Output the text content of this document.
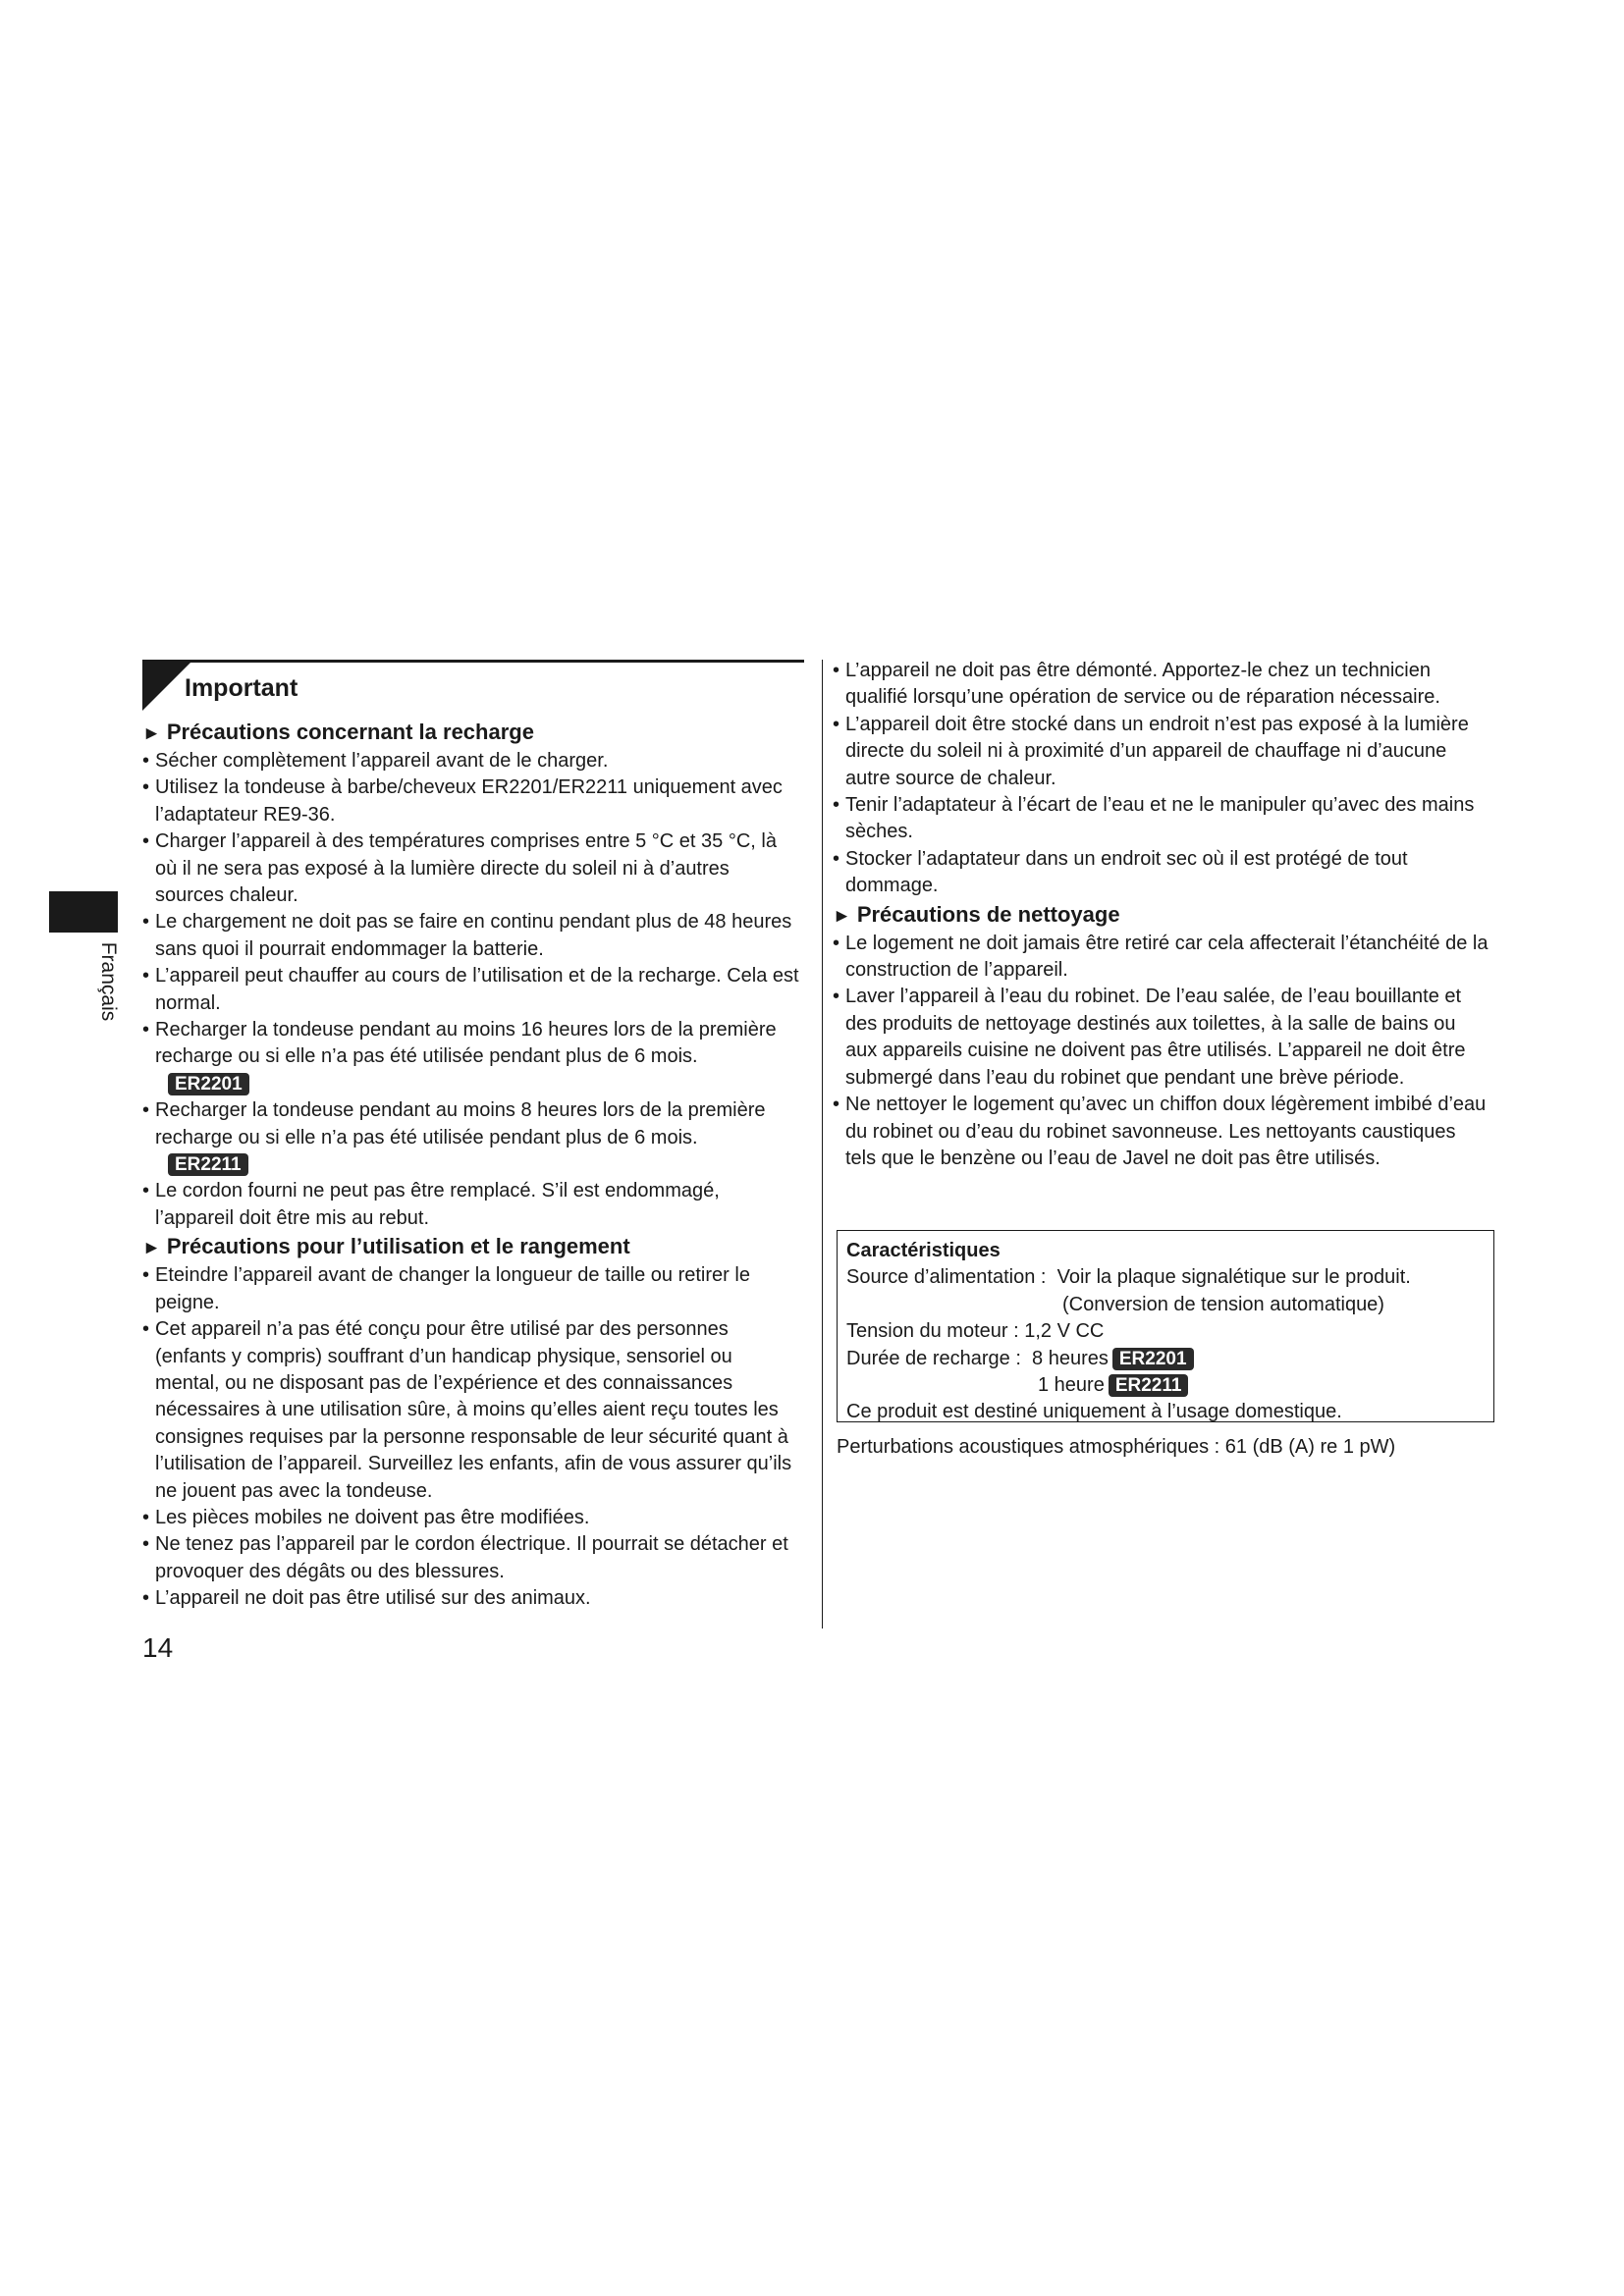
Français
Important
► Précautions concernant la recharge
• Sécher complètement l’appareil avant de le charger.
• Utilisez la tondeuse à barbe/cheveux ER2201/ER2211 uniquement avec l’adaptateur RE9-36.
• Charger l’appareil à des températures comprises entre 5 °C et 35 °C, là où il ne sera pas exposé à la lumière directe du soleil ni à d’autres sources chaleur.
• Le chargement ne doit pas se faire en continu pendant plus de 48 heures sans quoi il pourrait endommager la batterie.
• L’appareil peut chauffer au cours de l’utilisation et de la recharge. Cela est normal.
• Recharger la tondeuse pendant au moins 16 heures lors de la première recharge ou si elle n’a pas été utilisée pendant plus de 6 mois.
ER2201
• Recharger la tondeuse pendant au moins 8 heures lors de la première recharge ou si elle n’a pas été utilisée pendant plus de 6 mois.
ER2211
• Le cordon fourni ne peut pas être remplacé. S’il est endommagé, l’appareil doit être mis au rebut.
► Précautions pour l’utilisation et le rangement
• Eteindre l’appareil avant de changer la longueur de taille ou retirer le peigne.
• Cet appareil n’a pas été conçu pour être utilisé par des personnes (enfants y compris) souffrant d’un handicap physique, sensoriel ou mental, ou ne disposant pas de l’expérience et des connaissances nécessaires à une utilisation sûre, à moins qu’elles aient reçu toutes les consignes requises par la personne responsable de leur sécurité quant à l’utilisation de l’appareil. Surveillez les enfants, afin de vous assurer qu’ils ne jouent pas avec la tondeuse.
• Les pièces mobiles ne doivent pas être modifiées.
• Ne tenez pas l’appareil par le cordon électrique. Il pourrait se détacher et provoquer des dégâts ou des blessures.
• L’appareil ne doit pas être utilisé sur des animaux.
• L’appareil ne doit pas être démonté. Apportez-le chez un technicien qualifié lorsqu’une opération de service ou de réparation nécessaire.
• L’appareil doit être stocké dans un endroit n’est pas exposé à la lumière directe du soleil ni à proximité d’un appareil de chauffage ni d’aucune autre source de chaleur.
• Tenir l’adaptateur à l’écart de l’eau et ne le manipuler qu’avec des mains sèches.
• Stocker l’adaptateur dans un endroit sec où il est protégé de tout dommage.
► Précautions de nettoyage
• Le logement ne doit jamais être retiré car cela affecterait l’étanchéité de la construction de l’appareil.
• Laver l’appareil à l’eau du robinet. De l’eau salée, de l’eau bouillante et des produits de nettoyage destinés aux toilettes, à la salle de bains ou aux appareils cuisine ne doivent pas être utilisés. L’appareil ne doit être submergé dans l’eau du robinet que pendant une brève période.
• Ne nettoyer le logement qu’avec un chiffon doux légèrement imbibé d’eau du robinet ou d’eau du robinet savonneuse. Les nettoyants caustiques tels que le benzène ou l’eau de Javel ne doit pas être utilisés.
Caractéristiques
Source d’alimentation : Voir la plaque signalétique sur le produit.
(Conversion de tension automatique)
Tension du moteur : 1,2 V CC
Durée de recharge : 8 heures ER2201
1 heure ER2211
Ce produit est destiné uniquement à l’usage domestique.
Perturbations acoustiques atmosphériques : 61 (dB (A) re 1 pW)
14
